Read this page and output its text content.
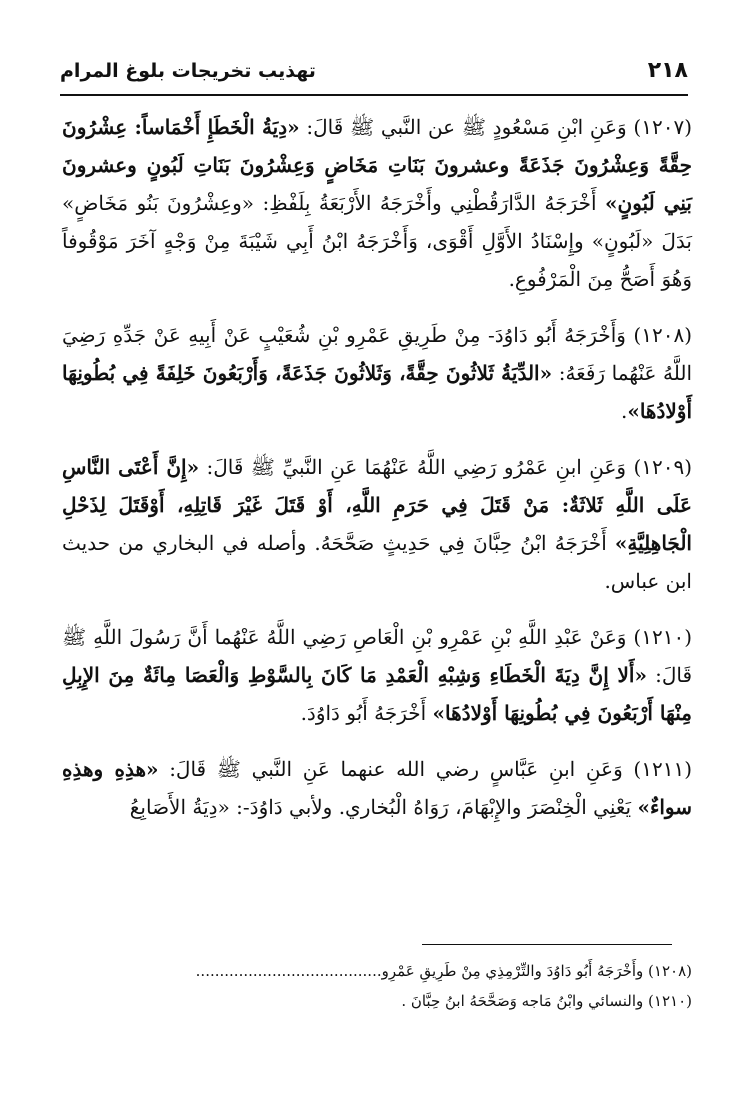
تهذيب تخريجات بلوغ المرام	٢١٨

(١٢٠٧) وَعَنِ ابْنِ مَسْعُودٍ ﷺ عن النَّبي ﷺ قَالَ: «دِيَةُ الْخَطَإِ أَخْمَاساً: عِشْرُونَ حِقَّةً وَعِشْرُونَ جَذَعَةً وعشرونَ بَنَاتِ مَخَاضٍ وَعِشْرُونَ بَنَاتِ لَبُونٍ وعشرونَ بَنِي لَبُونٍ» أَخْرَجَهُ الدَّارَقُطْنِي وأَخْرَجَهُ الأَرْبَعَةُ بِلَفْظِ: «وعِشْرُونَ بَنُو مَخَاضٍ» بَدَلَ «لَبُونٍ» وإِسْنَادُ الأَوَّلِ أَقْوَى، وَأَخْرَجَهُ ابْنُ أَبِي شَيْبَةَ مِنْ وَجْهٍ آخَرَ مَوْقُوفاً وَهُوَ أَصَحُّ مِنَ الْمَرْفُوعِ.

(١٢٠٨) وَأَخْرَجَهُ أَبُو دَاوُدَ- مِنْ طَرِيقِ عَمْرِو بْنِ شُعَيْبٍ عَنْ أَبِيهِ عَنْ جَدِّهِ رَضِيَ اللَّهُ عَنْهُما رَفَعَهُ: «الدِّيَةُ ثَلاثُونَ حِقَّةً، وَثَلاثُونَ جَذَعَةً، وَأَرْبَعُونَ خَلِفَةً فِي بُطُونِهَا أَوْلادُهَا».

(١٢٠٩) وَعَنِ ابنِ عَمْرُو رَضِي اللَّهُ عَنْهُمَا عَنِ النَّبيِّ ﷺ قَالَ: «إِنَّ أَعْتَى النَّاسِ عَلَى اللَّهِ ثَلاثَةٌ: مَنْ قَتَلَ فِي حَرَمِ اللَّهِ، أَوْ قَتَلَ غَيْرَ قَاتِلِهِ، أَوْقَتَلَ لِذَحْلِ الْجَاهِلِيَّةِ» أَخْرَجَهُ ابْنُ حِبَّانَ فِي حَدِيثٍ صَحَّحَهُ. وأصله في البخاري من حديث ابن عباس.

(١٢١٠) وَعَنْ عَبْدِ اللَّهِ بْنِ عَمْرِو بْنِ الْعَاصِ رَضِي اللَّهُ عَنْهُما أَنَّ رَسُولَ اللَّهِ ﷺ قَالَ: «أَلا إِنَّ دِيَةَ الْخَطَاءِ وَشِبْهِ الْعَمْدِ مَا كَانَ بِالسَّوْطِ وَالْعَصَا مِائَةٌ مِنَ الإِبِلِ مِنْهَا أَرْبَعُونَ فِي بُطُونِهَا أَوْلادُهَا» أَخْرَجَهُ أَبُو دَاوُدَ.

(١٢١١) وَعَنِ ابنِ عَبَّاسٍ رضي الله عنهما عَنِ النَّبي ﷺ قَالَ: «هذِهِ وهذِهِ سواءٌ» يَعْنِي الْخِنْصَرَ والإِبْهَامَ، رَوَاهُ الْبُخاري. ولأبي دَاوُدَ-: «دِيَةُ الأَصَابِعُ

(١٢٠٨) وأَخْرَجَهُ أَبُو دَاوُدَ والتِّرْمِذِي مِنْ طَرِيقِ عَمْرِو.......................................
(١٢١٠) والنسائي وابْنُ مَاجه وَصَحَّحَهُ ابنُ حِبَّانَ .
